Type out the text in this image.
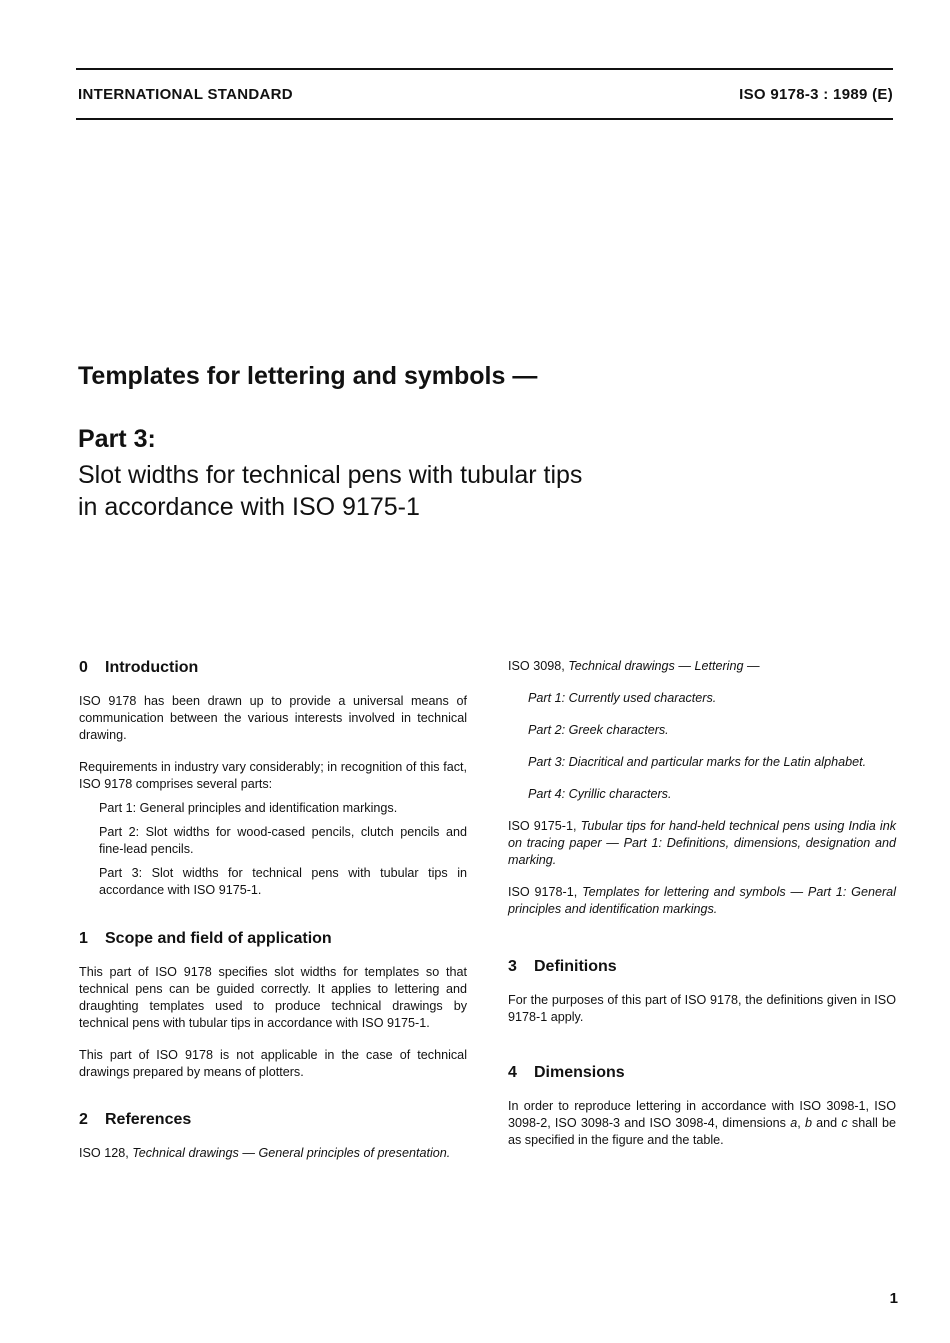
INTERNATIONAL STANDARD	ISO 9178-3 : 1989 (E)
Templates for lettering and symbols —
Part 3:
Slot widths for technical pens with tubular tips
in accordance with ISO 9175-1
0 Introduction

ISO 9178 has been drawn up to provide a universal means of communication between the various interests involved in technical drawing.

Requirements in industry vary considerably; in recognition of this fact, ISO 9178 comprises several parts:

Part 1: General principles and identification markings.

Part 2: Slot widths for wood-cased pencils, clutch pencils and fine-lead pencils.

Part 3: Slot widths for technical pens with tubular tips in accordance with ISO 9175-1.

1 Scope and field of application

This part of ISO 9178 specifies slot widths for templates so that technical pens can be guided correctly. It applies to lettering and draughting templates used to produce technical drawings by technical pens with tubular tips in accordance with ISO 9175-1.

This part of ISO 9178 is not applicable in the case of technical drawings prepared by means of plotters.

2 References

ISO 128, Technical drawings — General principles of presentation.

ISO 3098, Technical drawings — Lettering —

Part 1: Currently used characters.

Part 2: Greek characters.

Part 3: Diacritical and particular marks for the Latin alphabet.

Part 4: Cyrillic characters.

ISO 9175-1, Tubular tips for hand-held technical pens using India ink on tracing paper — Part 1: Definitions, dimensions, designation and marking.

ISO 9178-1, Templates for lettering and symbols — Part 1: General principles and identification markings.

3 Definitions

For the purposes of this part of ISO 9178, the definitions given in ISO 9178-1 apply.

4 Dimensions

In order to reproduce lettering in accordance with ISO 3098-1, ISO 3098-2, ISO 3098-3 and ISO 3098-4, dimensions a, b and c shall be as specified in the figure and the table.

1
